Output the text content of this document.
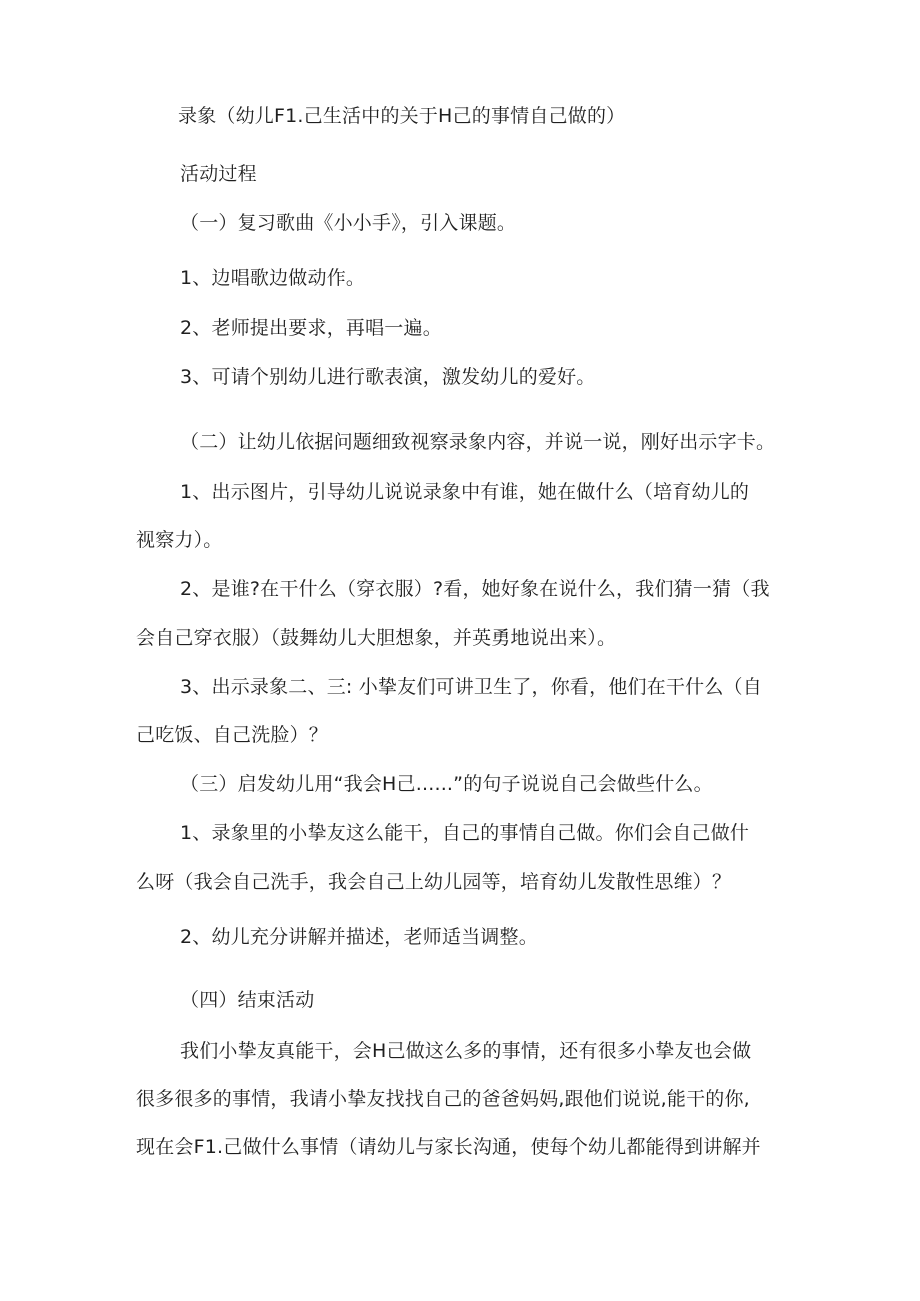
录象（幼儿F1.己生活中的关于H己的事情自己做的）
活动过程
（一）复习歌曲《小小手》，引入课题。
1、边唱歌边做动作。
2、老师提出要求，再唱一遍。
3、可请个别幼儿进行歌表演，激发幼儿的爱好。
（二）让幼儿依据问题细致视察录象内容，并说一说，刚好出示字卡。
1、出示图片，引导幼儿说说录象中有谁，她在做什么（培育幼儿的
视察力）。
2、是谁?在干什么（穿衣服）?看，她好象在说什么，我们猜一猜（我
会自己穿衣服）（鼓舞幼儿大胆想象，并英勇地说出来）。
3、出示录象二、三: 小挚友们可讲卫生了，你看，他们在干什么（自
己吃饭、自己洗脸）？
（三）启发幼儿用“我会H己......”的句子说说自己会做些什么。
1、录象里的小挚友这么能干，自己的事情自己做。你们会自己做什
么呀（我会自己洗手，我会自己上幼儿园等，培育幼儿发散性思维）？
2、幼儿充分讲解并描述，老师适当调整。
（四）结束活动
我们小挚友真能干，会H己做这么多的事情，还有很多小挚友也会做
很多很多的事情，我请小挚友找找自己的爸爸妈妈,跟他们说说,能干的你,
现在会F1.己做什么事情（请幼儿与家长沟通，使每个幼儿都能得到讲解并
